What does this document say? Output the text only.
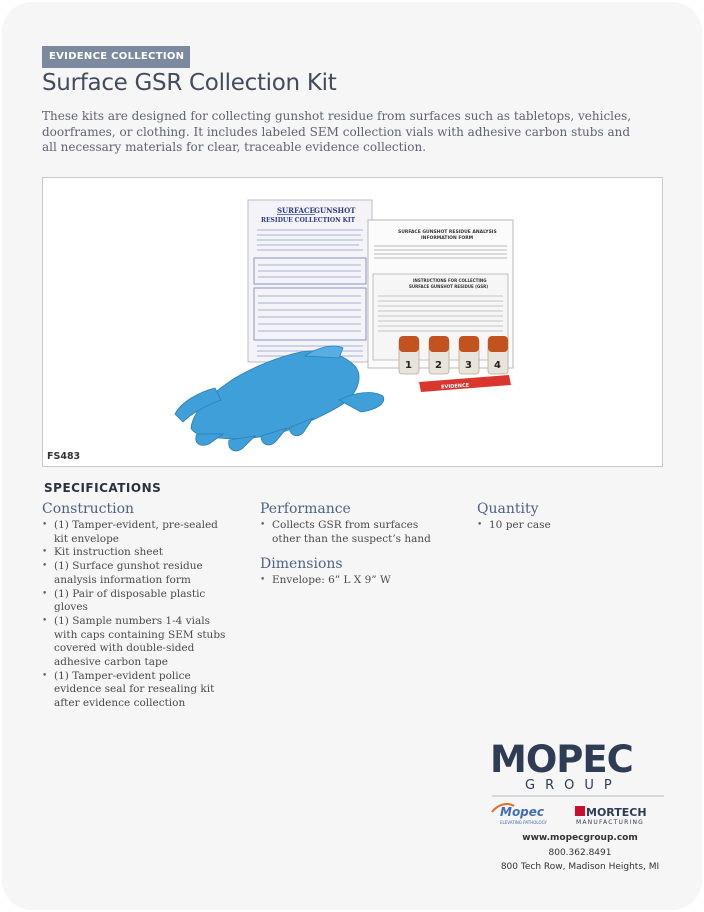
EVIDENCE COLLECTION
Surface GSR Collection Kit
These kits are designed for collecting gunshot residue from surfaces such as tabletops, vehicles, doorframes, or clothing. It includes labeled SEM collection vials with adhesive carbon stubs and all necessary materials for clear, traceable evidence collection.
SURFACE GUNSHOT
RESIDUE COLLECTION KIT
SURFACE GUNSHOT RESIDUE ANALYSIS
INFORMATION FORM
INSTRUCTIONS FOR COLLECTING
SURFACE GUNSHOT RESIDUE (GSR)
1 2 3 4
EVIDENCE
FS483
SPECIFICATIONS
Construction
• (1) Tamper-evident, pre-sealed kit envelope
• Kit instruction sheet
• (1) Surface gunshot residue analysis information form
• (1) Pair of disposable plastic gloves
• (1) Sample numbers 1-4 vials with caps containing SEM stubs covered with double-sided adhesive carbon tape
• (1) Tamper-evident police evidence seal for resealing kit after evidence collection
Performance
• Collects GSR from surfaces other than the suspect’s hand
Dimensions
• Envelope: 6” L X 9” W
Quantity
• 10 per case
MOPEC
GROUP
Mopec
ELEVATING PATHOLOGY
MORTECH
MANUFACTURING
www.mopecgroup.com
800.362.8491
800 Tech Row, Madison Heights, MI
